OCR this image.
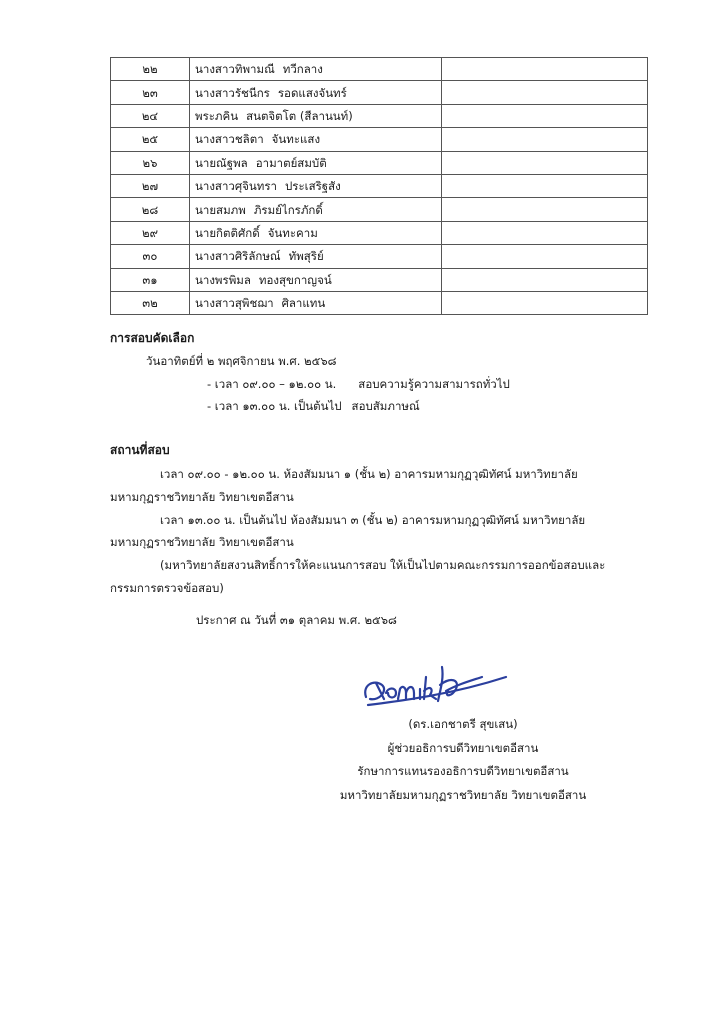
๒๒	นางสาวทิพามณี ทวีกลาง	
๒๓	นางสาวรัชนีกร รอดแสงจันทร์	
๒๔	พระภคิน สนตจิตโต (สีลานนท์)	
๒๕	นางสาวชลิตา จันทะแสง	
๒๖	นายณัฐพล อามาตย์สมบัติ	
๒๗	นางสาวศุจินทรา ประเสริฐสัง	
๒๘	นายสมภพ ภิรมย์ไกรภักดิ์	
๒๙	นายกิตติศักดิ์ จันทะคาม	
๓๐	นางสาวศิริลักษณ์ ทัพสุริย์	
๓๑	นางพรพิมล ทองสุขกาญจน์	
๓๒	นางสาวสุพิชฌา ศิลาแทน	
การสอบคัดเลือก
วันอาทิตย์ที่ ๒ พฤศจิกายน พ.ศ. ๒๕๖๘
- เวลา ๐๙.๐๐ – ๑๒.๐๐ น. สอบความรู้ความสามารถทั่วไป
- เวลา ๑๓.๐๐ น. เป็นต้นไป สอบสัมภาษณ์
สถานที่สอบ
เวลา ๐๙.๐๐ - ๑๒.๐๐ น. ห้องสัมมนา ๑ (ชั้น ๒) อาคารมหามกุฏวุฒิทัศน์ มหาวิทยาลัย
มหามกุฏราชวิทยาลัย วิทยาเขตอีสาน
เวลา ๑๓.๐๐ น. เป็นต้นไป ห้องสัมมนา ๓ (ชั้น ๒) อาคารมหามกุฏวุฒิทัศน์ มหาวิทยาลัย
มหามกุฏราชวิทยาลัย วิทยาเขตอีสาน
(มหาวิทยาลัยสงวนสิทธิ์การให้คะแนนการสอบ ให้เป็นไปตามคณะกรรมการออกข้อสอบและ
กรรมการตรวจข้อสอบ)
ประกาศ ณ วันที่ ๓๑ ตุลาคม พ.ศ. ๒๕๖๘
(ดร.เอกชาตรี สุขเสน)
ผู้ช่วยอธิการบดีวิทยาเขตอีสาน
รักษาการแทนรองอธิการบดีวิทยาเขตอีสาน
มหาวิทยาลัยมหามกุฏราชวิทยาลัย วิทยาเขตอีสาน
